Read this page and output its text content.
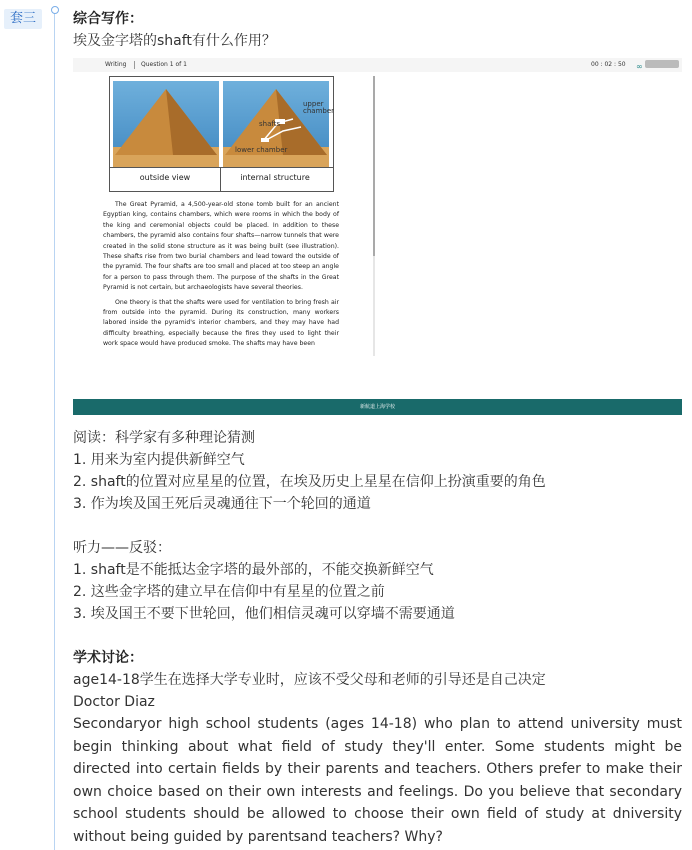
套三	综合写作：
埃及金字塔的shaft有什么作用？
Writing Question 1 of 1	00 : 02 : 50 ∞
upper chamber
shafts
lower chamber
outside view	internal structure

The Great Pyramid, a 4,500-year-old stone tomb built for an ancient Egyptian king, contains chambers, which were rooms in which the body of the king and ceremonial objects could be placed. In addition to these chambers, the pyramid also contains four shafts—narrow tunnels that were created in the solid stone structure as it was being built (see illustration). These shafts rise from two burial chambers and lead toward the outside of the pyramid. The four shafts are too small and placed at too steep an angle for a person to pass through them. The purpose of the shafts in the Great Pyramid is not certain, but archaeologists have several theories.

One theory is that the shafts were used for ventilation to bring fresh air from outside into the pyramid. During its construction, many workers labored inside the pyramid's interior chambers, and they may have had difficulty breathing, especially because the fires they used to light their work space would have produced smoke. The shafts may have been

新航道上海学校
阅读：科学家有多种理论猜测
1. 用来为室内提供新鲜空气
2. shaft的位置对应星星的位置，在埃及历史上星星在信仰上扮演重要的角色
3. 作为埃及国王死后灵魂通往下一个轮回的通道
听力——反驳：
1. shaft是不能抵达金字塔的最外部的，不能交换新鲜空气
2. 这些金字塔的建立早在信仰中有星星的位置之前
3. 埃及国王不要下世轮回，他们相信灵魂可以穿墙不需要通道
学术讨论：
age14-18学生在选择大学专业时，应该不受父母和老师的引导还是自己决定
Doctor Diaz
Secondaryor high school students (ages 14-18) who plan to attend university must begin thinking about what field of study they'll enter. Some students might be directed into certain fields by their parents and teachers. Others prefer to make their own choice based on their own interests and feelings. Do you believe that secondary school students should be allowed to choose their own field of study at dniversity without being guided by parentsand teachers? Why?
